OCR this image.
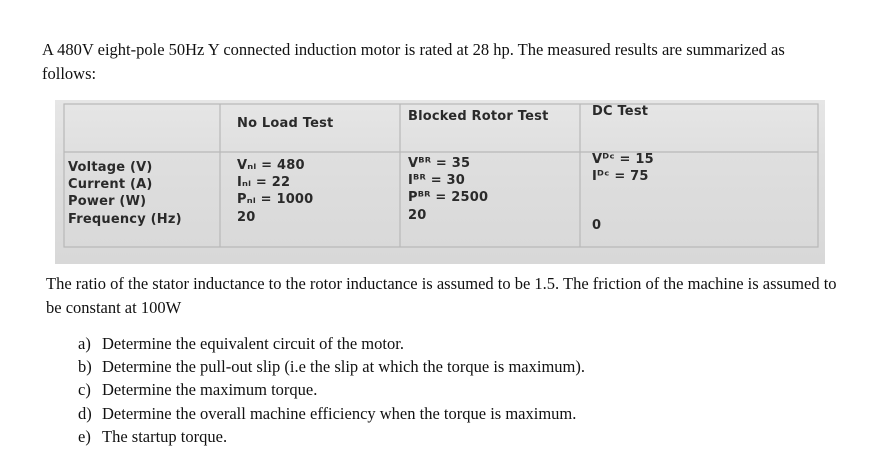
A 480V eight-pole 50Hz Y connected induction motor is rated at 28 hp. The measured results are summarized as follows:
No Load Test	Blocked Rotor Test	DC Test
Voltage (V)
Current (A)
Power (W)
Frequency (Hz)
Vₙₗ = 480
Iₙₗ = 22
Pₙₗ = 1000
20
Vᴮᴿ = 35
Iᴮᴿ = 30
Pᴮᴿ = 2500
20
Vᴰᶜ = 15
Iᴰᶜ = 75
0
The ratio of the stator inductance to the rotor inductance is assumed to be 1.5. The friction of the machine is assumed to be constant at 100W
a) Determine the equivalent circuit of the motor.
b) Determine the pull-out slip (i.e the slip at which the torque is maximum).
c) Determine the maximum torque.
d) Determine the overall machine efficiency when the torque is maximum.
e) The startup torque.
